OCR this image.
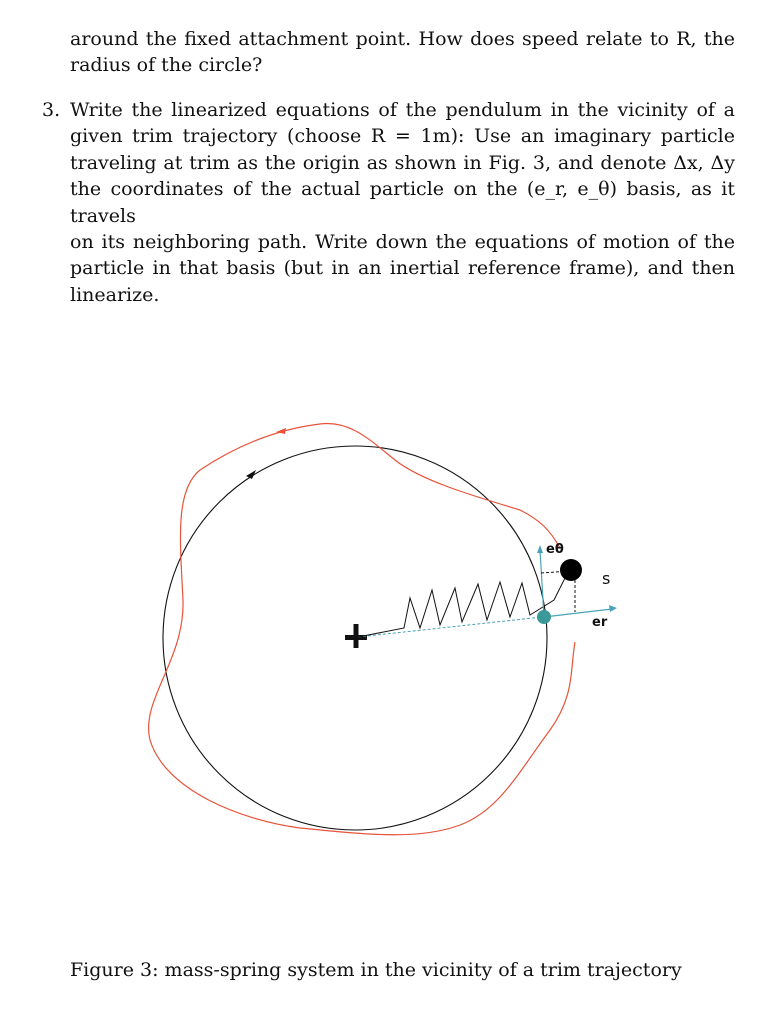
around the fixed attachment point. How does speed relate to R, the
radius of the circle?
3. Write the linearized equations of the pendulum in the vicinity of a
given trim trajectory (choose R = 1m): Use an imaginary particle
traveling at trim as the origin as shown in Fig. 3, and denote Δx, Δy
the coordinates of the actual particle on the (e_r, e_θ) basis, as it travels
on its neighboring path. Write down the equations of motion of the
particle in that basis (but in an inertial reference frame), and then
linearize.
eθ
s
er
Figure 3: mass-spring system in the vicinity of a trim trajectory
